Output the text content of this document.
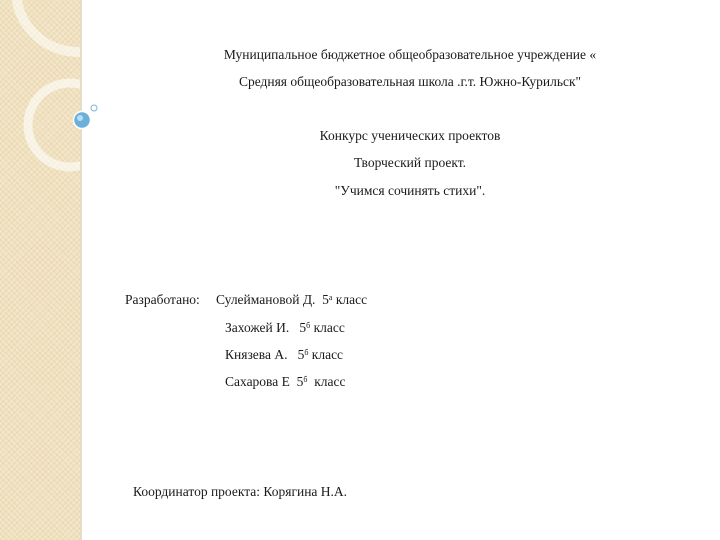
Муниципальное бюджетное общеобразовательное учреждение «
Средняя общеобразовательная школа .г.т. Южно-Курильск"
Конкурс ученических проектов
Творческий проект.
"Учимся сочинять стихи".
Разработано: Сулеймановой Д. $5^а$ класс
Захожей И. $5^б$ класс
Князева А. $5^б$ класс
Сахарова Е $5^б$ класс
Координатор проекта: Корягина Н.А.
